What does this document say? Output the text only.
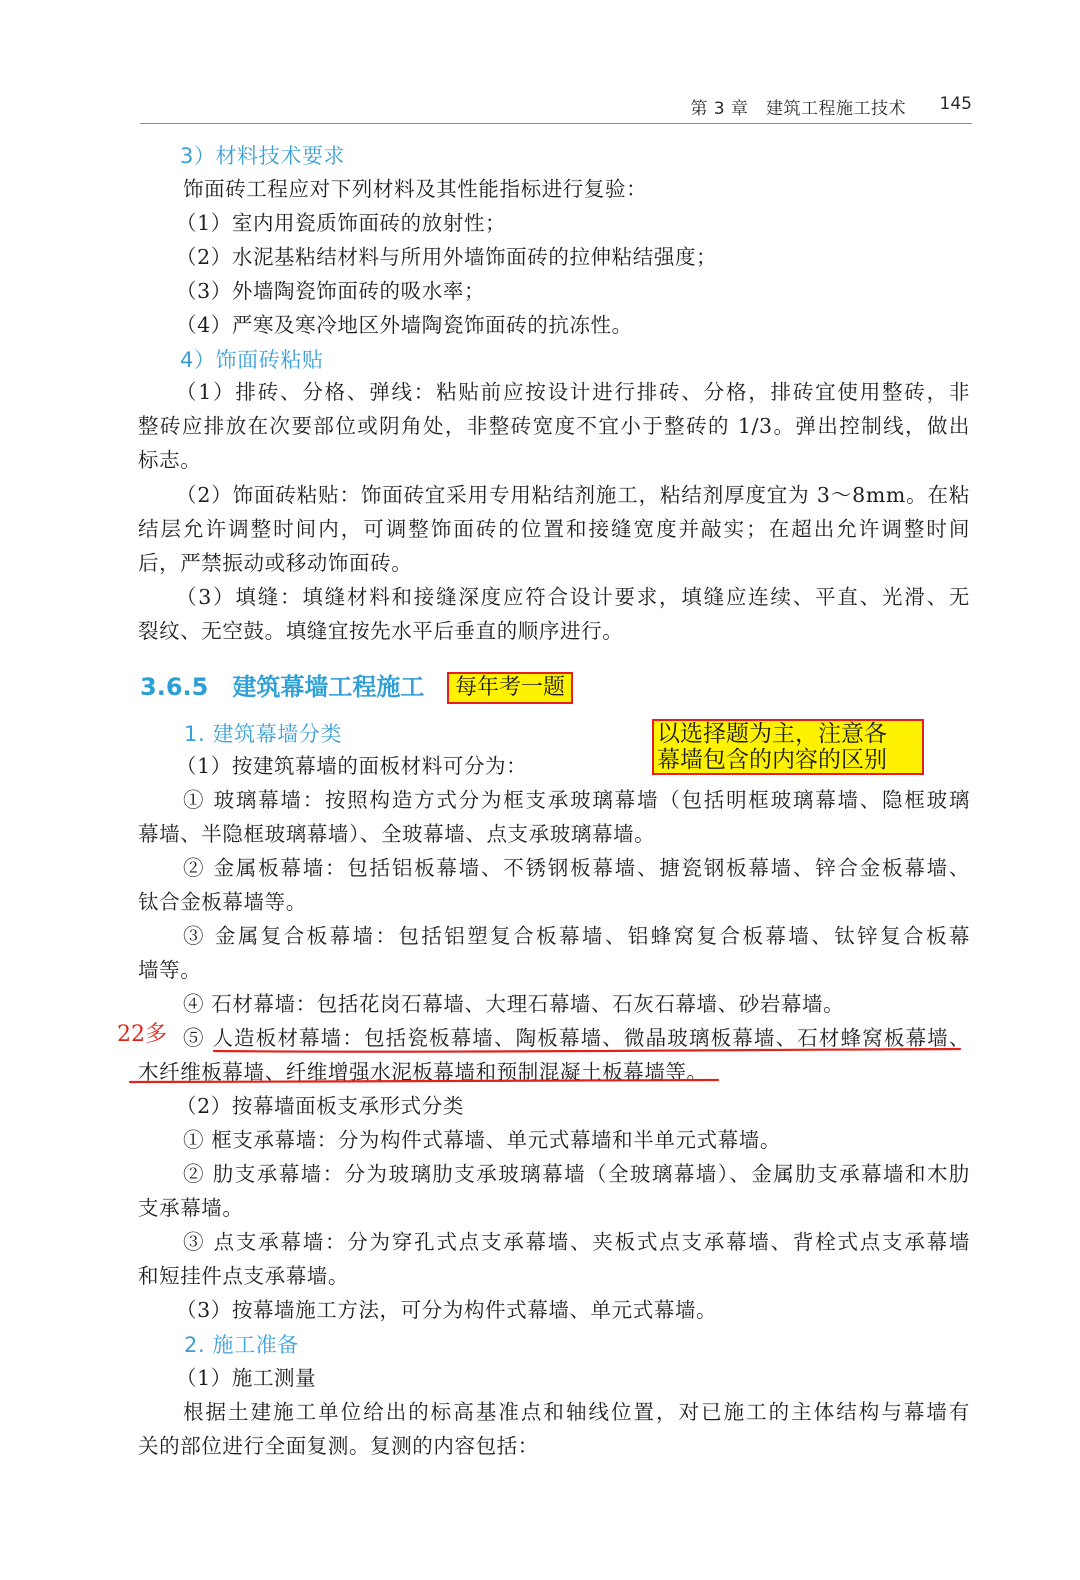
第 3 章　建筑工程施工技术 145
3）材料技术要求
饰面砖工程应对下列材料及其性能指标进行复验：
（1）室内用瓷质饰面砖的放射性；
（2）水泥基粘结材料与所用外墙饰面砖的拉伸粘结强度；
（3）外墙陶瓷饰面砖的吸水率；
（4）严寒及寒冷地区外墙陶瓷饰面砖的抗冻性。
4）饰面砖粘贴
（1）排砖、分格、弹线：粘贴前应按设计进行排砖、分格，排砖宜使用整砖，非
整砖应排放在次要部位或阴角处，非整砖宽度不宜小于整砖的 1/3。弹出控制线，做出
标志。
（2）饰面砖粘贴：饰面砖宜采用专用粘结剂施工，粘结剂厚度宜为 3～8mm。在粘
结层允许调整时间内，可调整饰面砖的位置和接缝宽度并敲实；在超出允许调整时间
后，严禁振动或移动饰面砖。
（3）填缝：填缝材料和接缝深度应符合设计要求，填缝应连续、平直、光滑、无
裂纹、无空鼓。填缝宜按先水平后垂直的顺序进行。
3.6.5 建筑幕墙工程施工	每年考一题
1. 建筑幕墙分类	以选择题为主，注意各
幕墙包含的内容的区别
（1）按建筑幕墙的面板材料可分为：
① 玻璃幕墙：按照构造方式分为框支承玻璃幕墙（包括明框玻璃幕墙、隐框玻璃
幕墙、半隐框玻璃幕墙）、全玻幕墙、点支承玻璃幕墙。
② 金属板幕墙：包括铝板幕墙、不锈钢板幕墙、搪瓷钢板幕墙、锌合金板幕墙、
钛合金板幕墙等。
③ 金属复合板幕墙：包括铝塑复合板幕墙、铝蜂窝复合板幕墙、钛锌复合板幕
墙等。
④ 石材幕墙：包括花岗石幕墙、大理石幕墙、石灰石幕墙、砂岩幕墙。
22多 ⑤ 人造板材幕墙：包括瓷板幕墙、陶板幕墙、微晶玻璃板幕墙、石材蜂窝板幕墙、
木纤维板幕墙、纤维增强水泥板幕墙和预制混凝土板幕墙等。
（2）按幕墙面板支承形式分类
① 框支承幕墙：分为构件式幕墙、单元式幕墙和半单元式幕墙。
② 肋支承幕墙：分为玻璃肋支承玻璃幕墙（全玻璃幕墙）、金属肋支承幕墙和木肋
支承幕墙。
③ 点支承幕墙：分为穿孔式点支承幕墙、夹板式点支承幕墙、背栓式点支承幕墙
和短挂件点支承幕墙。
（3）按幕墙施工方法，可分为构件式幕墙、单元式幕墙。
2. 施工准备
（1）施工测量
根据土建施工单位给出的标高基准点和轴线位置，对已施工的主体结构与幕墙有
关的部位进行全面复测。复测的内容包括：
